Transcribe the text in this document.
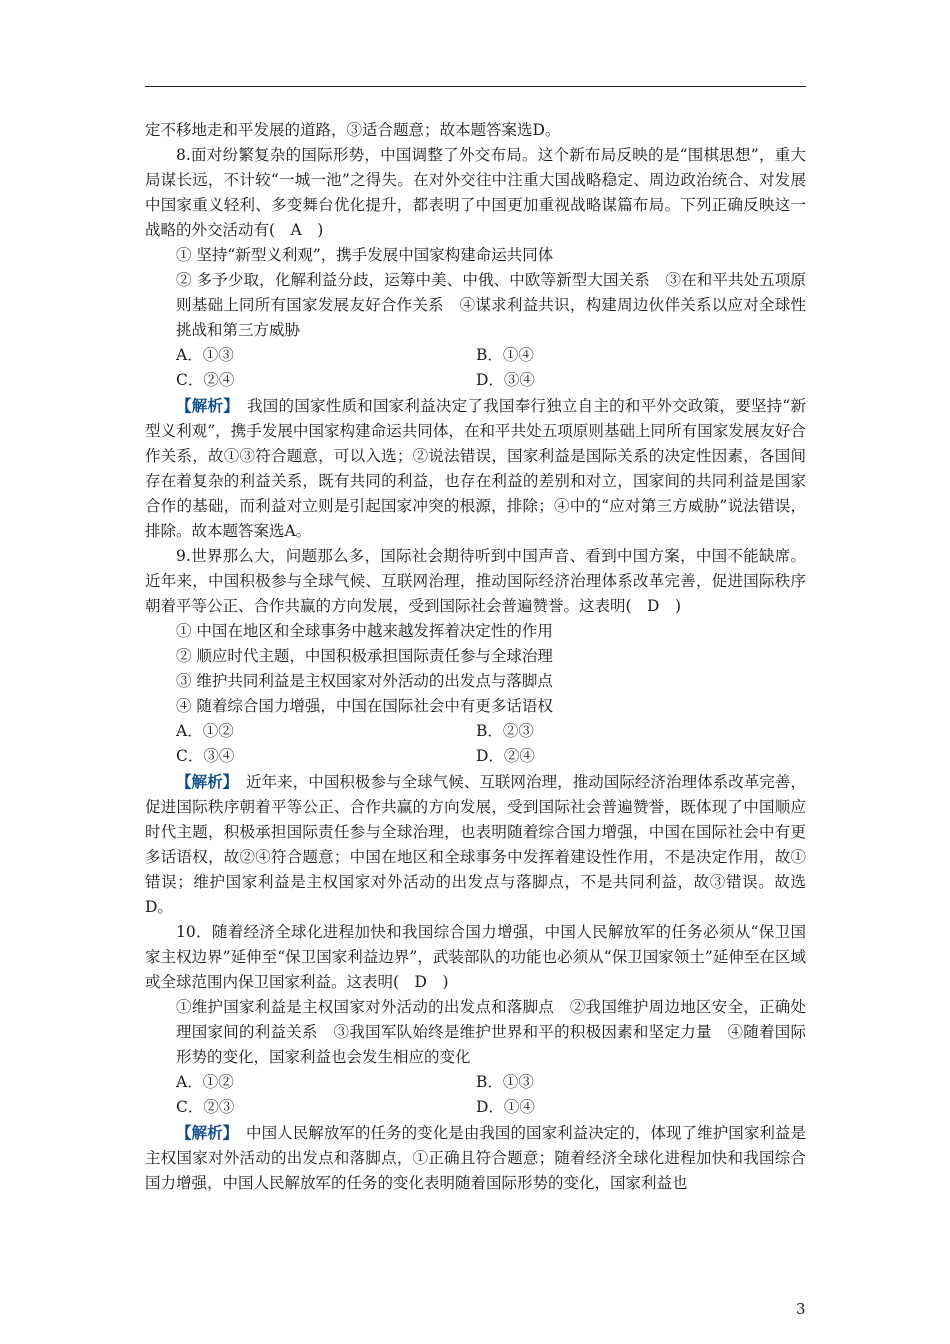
定不移地走和平发展的道路，③适合题意；故本题答案选D。

8.面对纷繁复杂的国际形势，中国调整了外交布局。这个新布局反映的是“围棋思想”，重大局谋长远，不计较“一城一池”之得失。在对外交往中注重大国战略稳定、周边政治统合、对发展中国家重义轻利、多变舞台优化提升，都表明了中国更加重视战略谋篇布局。下列正确反映这一战略的外交活动有(　A　)

① 坚持“新型义利观”，携手发展中国家构建命运共同体

② 多予少取，化解利益分歧，运筹中美、中俄、中欧等新型大国关系　③在和平共处五项原则基础上同所有国家发展友好合作关系　④谋求利益共识，构建周边伙伴关系以应对全球性挑战和第三方威胁

A．①③	B．①④
C．②④	D．③④

【解析】　我国的国家性质和国家利益决定了我国奉行独立自主的和平外交政策，要坚持“新型义利观”，携手发展中国家构建命运共同体，在和平共处五项原则基础上同所有国家发展友好合作关系，故①③符合题意，可以入选；②说法错误，国家利益是国际关系的决定性因素，各国间存在着复杂的利益关系，既有共同的利益，也存在利益的差别和对立，国家间的共同利益是国家合作的基础，而利益对立则是引起国家冲突的根源，排除；④中的“应对第三方威胁”说法错误，排除。故本题答案选A。

9.世界那么大，问题那么多，国际社会期待听到中国声音、看到中国方案，中国不能缺席。近年来，中国积极参与全球气候、互联网治理，推动国际经济治理体系改革完善，促进国际秩序朝着平等公正、合作共赢的方向发展，受到国际社会普遍赞誉。这表明(　D　)

① 中国在地区和全球事务中越来越发挥着决定性的作用

② 顺应时代主题，中国积极承担国际责任参与全球治理

③ 维护共同利益是主权国家对外活动的出发点与落脚点

④ 随着综合国力增强，中国在国际社会中有更多话语权

A．①②	B．②③
C．③④	D．②④

【解析】　近年来，中国积极参与全球气候、互联网治理，推动国际经济治理体系改革完善，促进国际秩序朝着平等公正、合作共赢的方向发展，受到国际社会普遍赞誉，既体现了中国顺应时代主题，积极承担国际责任参与全球治理，也表明随着综合国力增强，中国在国际社会中有更多话语权，故②④符合题意；中国在地区和全球事务中发挥着建设性作用，不是决定作用，故①错误；维护国家利益是主权国家对外活动的出发点与落脚点，不是共同利益，故③错误。故选D。

10．随着经济全球化进程加快和我国综合国力增强，中国人民解放军的任务必须从“保卫国家主权边界”延伸至“保卫国家利益边界”，武装部队的功能也必须从“保卫国家领土”延伸至在区域或全球范围内保卫国家利益。这表明(　D　)

①维护国家利益是主权国家对外活动的出发点和落脚点　②我国维护周边地区安全，正确处理国家间的利益关系　③我国军队始终是维护世界和平的积极因素和坚定力量　④随着国际形势的变化，国家利益也会发生相应的变化

A．①②	B．①③
C．②③	D．①④

【解析】　中国人民解放军的任务的变化是由我国的国家利益决定的，体现了维护国家利益是主权国家对外活动的出发点和落脚点，①正确且符合题意；随着经济全球化进程加快和我国综合国力增强，中国人民解放军的任务的变化表明随着国际形势的变化，国家利益也

3
